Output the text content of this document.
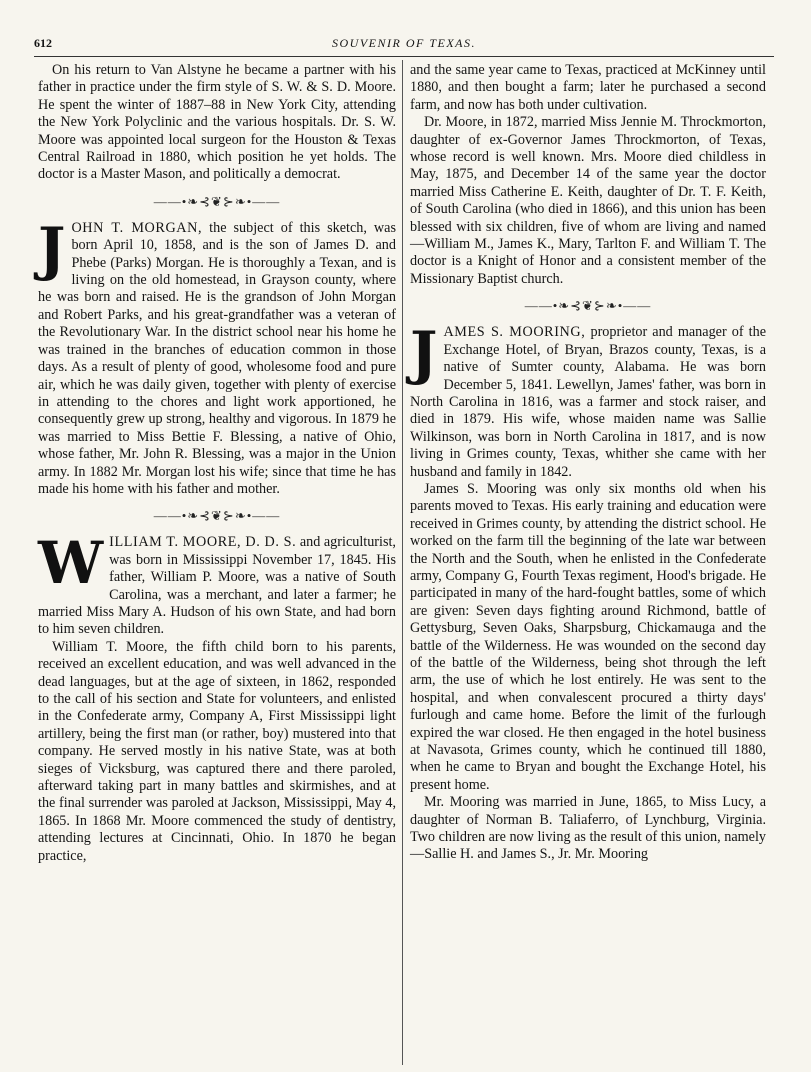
612	SOUVENIR OF TEXAS.

On his return to Van Alstyne he became a partner with his father in practice under the firm style of S. W. & S. D. Moore. He spent the winter of 1887–88 in New York City, attending the New York Polyclinic and the various hospitals. Dr. S. W. Moore was appointed local surgeon for the Houston & Texas Central Railroad in 1880, which position he yet holds. The doctor is a Master Mason, and politically a democrat.

——•❧⊰❦⊱❧•——

JOHN T. MORGAN, the subject of this sketch, was born April 10, 1858, and is the son of James D. and Phebe (Parks) Morgan. He is thoroughly a Texan, and is living on the old homestead, in Grayson county, where he was born and raised. He is the grandson of John Morgan and Robert Parks, and his great-grandfather was a veteran of the Revolutionary War. In the district school near his home he was trained in the branches of education common in those days. As a result of plenty of good, wholesome food and pure air, which he was daily given, together with plenty of exercise in attending to the chores and light work apportioned, he consequently grew up strong, healthy and vigorous. In 1879 he was married to Miss Bettie F. Blessing, a native of Ohio, whose father, Mr. John R. Blessing, was a major in the Union army. In 1882 Mr. Morgan lost his wife; since that time he has made his home with his father and mother.

——•❧⊰❦⊱❧•——

WILLIAM T. MOORE, D. D. S. and agriculturist, was born in Mississippi November 17, 1845. His father, William P. Moore, was a native of South Carolina, was a merchant, and later a farmer; he married Miss Mary A. Hudson of his own State, and had born to him seven children.

William T. Moore, the fifth child born to his parents, received an excellent education, and was well advanced in the dead languages, but at the age of sixteen, in 1862, responded to the call of his section and State for volunteers, and enlisted in the Confederate army, Company A, First Mississippi light artillery, being the first man (or rather, boy) mustered into that company. He served mostly in his native State, was at both sieges of Vicksburg, was captured there and there paroled, afterward taking part in many battles and skirmishes, and at the final surrender was paroled at Jackson, Mississippi, May 4, 1865. In 1868 Mr. Moore commenced the study of dentistry, attending lectures at Cincinnati, Ohio. In 1870 he began practice,

and the same year came to Texas, practiced at McKinney until 1880, and then bought a farm; later he purchased a second farm, and now has both under cultivation.

Dr. Moore, in 1872, married Miss Jennie M. Throckmorton, daughter of ex-Governor James Throckmorton, of Texas, whose record is well known. Mrs. Moore died childless in May, 1875, and December 14 of the same year the doctor married Miss Catherine E. Keith, daughter of Dr. T. F. Keith, of South Carolina (who died in 1866), and this union has been blessed with six children, five of whom are living and named—William M., James K., Mary, Tarlton F. and William T. The doctor is a Knight of Honor and a consistent member of the Missionary Baptist church.

——•❧⊰❦⊱❧•——

JAMES S. MOORING, proprietor and manager of the Exchange Hotel, of Bryan, Brazos county, Texas, is a native of Sumter county, Alabama. He was born December 5, 1841. Lewellyn, James' father, was born in North Carolina in 1816, was a farmer and stock raiser, and died in 1879. His wife, whose maiden name was Sallie Wilkinson, was born in North Carolina in 1817, and is now living in Grimes county, Texas, whither she came with her husband and family in 1842.

James S. Mooring was only six months old when his parents moved to Texas. His early training and education were received in Grimes county, by attending the district school. He worked on the farm till the beginning of the late war between the North and the South, when he enlisted in the Confederate army, Company G, Fourth Texas regiment, Hood's brigade. He participated in many of the hard-fought battles, some of which are given: Seven days fighting around Richmond, battle of Gettysburg, Seven Oaks, Sharpsburg, Chickamauga and the battle of the Wilderness. He was wounded on the second day of the battle of the Wilderness, being shot through the left arm, the use of which he lost entirely. He was sent to the hospital, and when convalescent procured a thirty days' furlough and came home. Before the limit of the furlough expired the war closed. He then engaged in the hotel business at Navasota, Grimes county, which he continued till 1880, when he came to Bryan and bought the Exchange Hotel, his present home.

Mr. Mooring was married in June, 1865, to Miss Lucy, a daughter of Norman B. Taliaferro, of Lynchburg, Virginia. Two children are now living as the result of this union, namely—Sallie H. and James S., Jr. Mr. Mooring
